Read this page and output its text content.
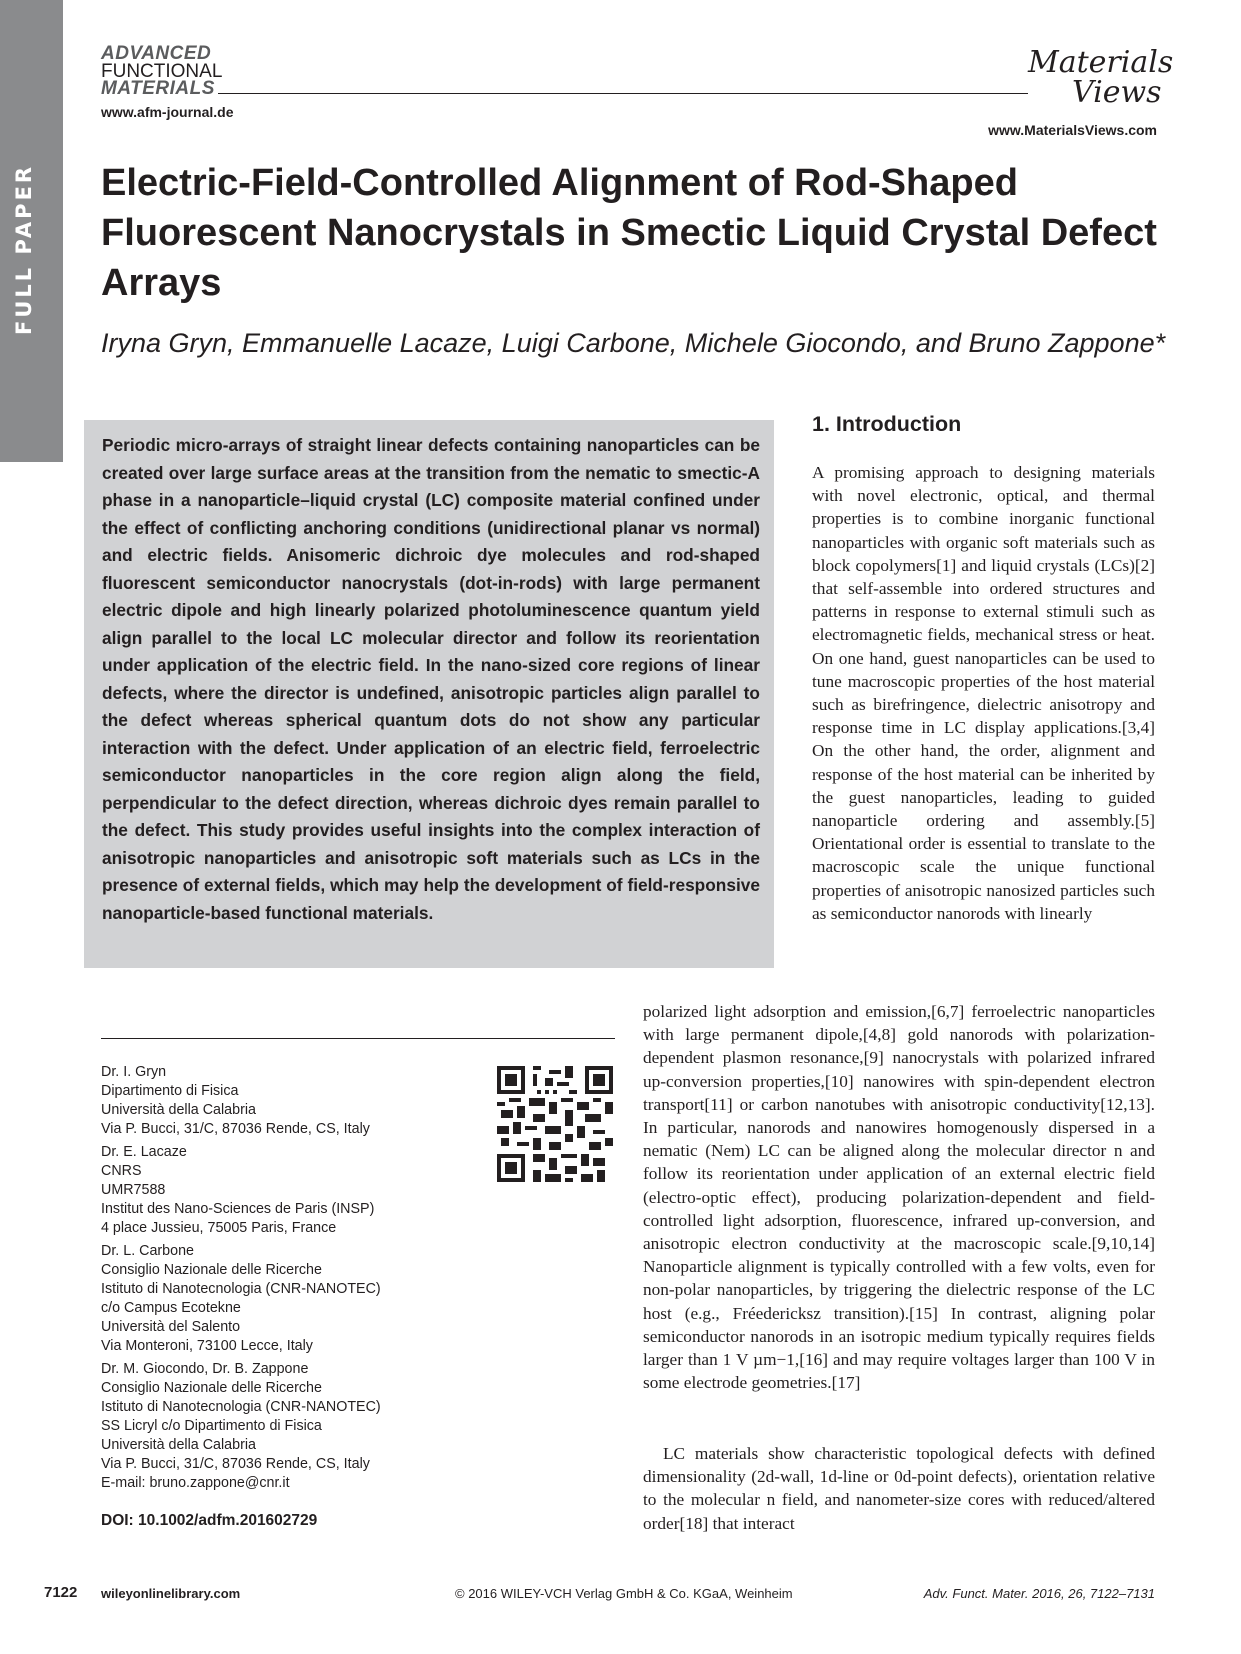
FULL PAPER
ADVANCED
FUNCTIONAL
MATERIALS
www.afm-journal.de
Materials
Views
www.MaterialsViews.com
Electric-Field-Controlled Alignment of Rod-Shaped Fluorescent Nanocrystals in Smectic Liquid Crystal Defect Arrays
Iryna Gryn, Emmanuelle Lacaze, Luigi Carbone, Michele Giocondo, and Bruno Zappone*

Periodic micro-arrays of straight linear defects containing nanoparticles can be created over large surface areas at the transition from the nematic to smectic-A phase in a nanoparticle–liquid crystal (LC) composite material confined under the effect of conflicting anchoring conditions (unidirectional planar vs normal) and electric fields. Anisomeric dichroic dye molecules and rod-shaped fluorescent semiconductor nanocrystals (dot-in-rods) with large permanent electric dipole and high linearly polarized photoluminescence quantum yield align parallel to the local LC molecular director and follow its reorientation under application of the electric field. In the nano-sized core regions of linear defects, where the director is undefined, anisotropic particles align parallel to the defect whereas spherical quantum dots do not show any particular interaction with the defect. Under application of an electric field, ferroelectric semiconductor nanoparticles in the core region align along the field, perpendicular to the defect direction, whereas dichroic dyes remain parallel to the defect. This study provides useful insights into the complex interaction of anisotropic nanoparticles and anisotropic soft materials such as LCs in the presence of external fields, which may help the development of field-responsive nanoparticle-based functional materials.

1. Introduction

A promising approach to designing materials with novel electronic, optical, and thermal properties is to combine inorganic functional nanoparticles with organic soft materials such as block copolymers[1] and liquid crystals (LCs)[2] that self-assemble into ordered structures and patterns in response to external stimuli such as electromagnetic fields, mechanical stress or heat. On one hand, guest nanoparticles can be used to tune macroscopic properties of the host material such as birefringence, dielectric anisotropy and response time in LC display applications.[3,4] On the other hand, the order, alignment and response of the host material can be inherited by the guest nanoparticles, leading to guided nanoparticle ordering and assembly.[5] Orientational order is essential to translate to the macroscopic scale the unique functional properties of anisotropic nanosized particles such as semiconductor nanorods with linearly

polarized light adsorption and emission,[6,7] ferroelectric nanoparticles with large permanent dipole,[4,8] gold nanorods with polarization-dependent plasmon resonance,[9] nanocrystals with polarized infrared up-conversion properties,[10] nanowires with spin-dependent electron transport[11] or carbon nanotubes with anisotropic conductivity[12,13]. In particular, nanorods and nanowires homogenously dispersed in a nematic (Nem) LC can be aligned along the molecular director n and follow its reorientation under application of an external electric field (electro-optic effect), producing polarization-dependent and field-controlled light adsorption, fluorescence, infrared up-conversion, and anisotropic electron conductivity at the macroscopic scale.[9,10,14] Nanoparticle alignment is typically controlled with a few volts, even for non-polar nanoparticles, by triggering the dielectric response of the LC host (e.g., Fréedericksz transition).[15] In contrast, aligning polar semiconductor nanorods in an isotropic medium typically requires fields larger than 1 V µm−1,[16] and may require voltages larger than 100 V in some electrode geometries.[17]

LC materials show characteristic topological defects with defined dimensionality (2d-wall, 1d-line or 0d-point defects), orientation relative to the molecular n field, and nanometer-size cores with reduced/altered order[18] that interact

Dr. I. Gryn
Dipartimento di Fisica
Università della Calabria
Via P. Bucci, 31/C, 87036 Rende, CS, Italy
Dr. E. Lacaze
CNRS
UMR7588
Institut des Nano-Sciences de Paris (INSP)
4 place Jussieu, 75005 Paris, France
Dr. L. Carbone
Consiglio Nazionale delle Ricerche
Istituto di Nanotecnologia (CNR-NANOTEC)
c/o Campus Ecotekne
Università del Salento
Via Monteroni, 73100 Lecce, Italy
Dr. M. Giocondo, Dr. B. Zappone
Consiglio Nazionale delle Ricerche
Istituto di Nanotecnologia (CNR-NANOTEC)
SS Licryl c/o Dipartimento di Fisica
Università della Calabria
Via P. Bucci, 31/C, 87036 Rende, CS, Italy
E-mail: bruno.zappone@cnr.it
DOI: 10.1002/adfm.201602729
7122 wileyonlinelibrary.com	© 2016 WILEY-VCH Verlag GmbH & Co. KGaA, Weinheim	Adv. Funct. Mater. 2016, 26, 7122–7131
